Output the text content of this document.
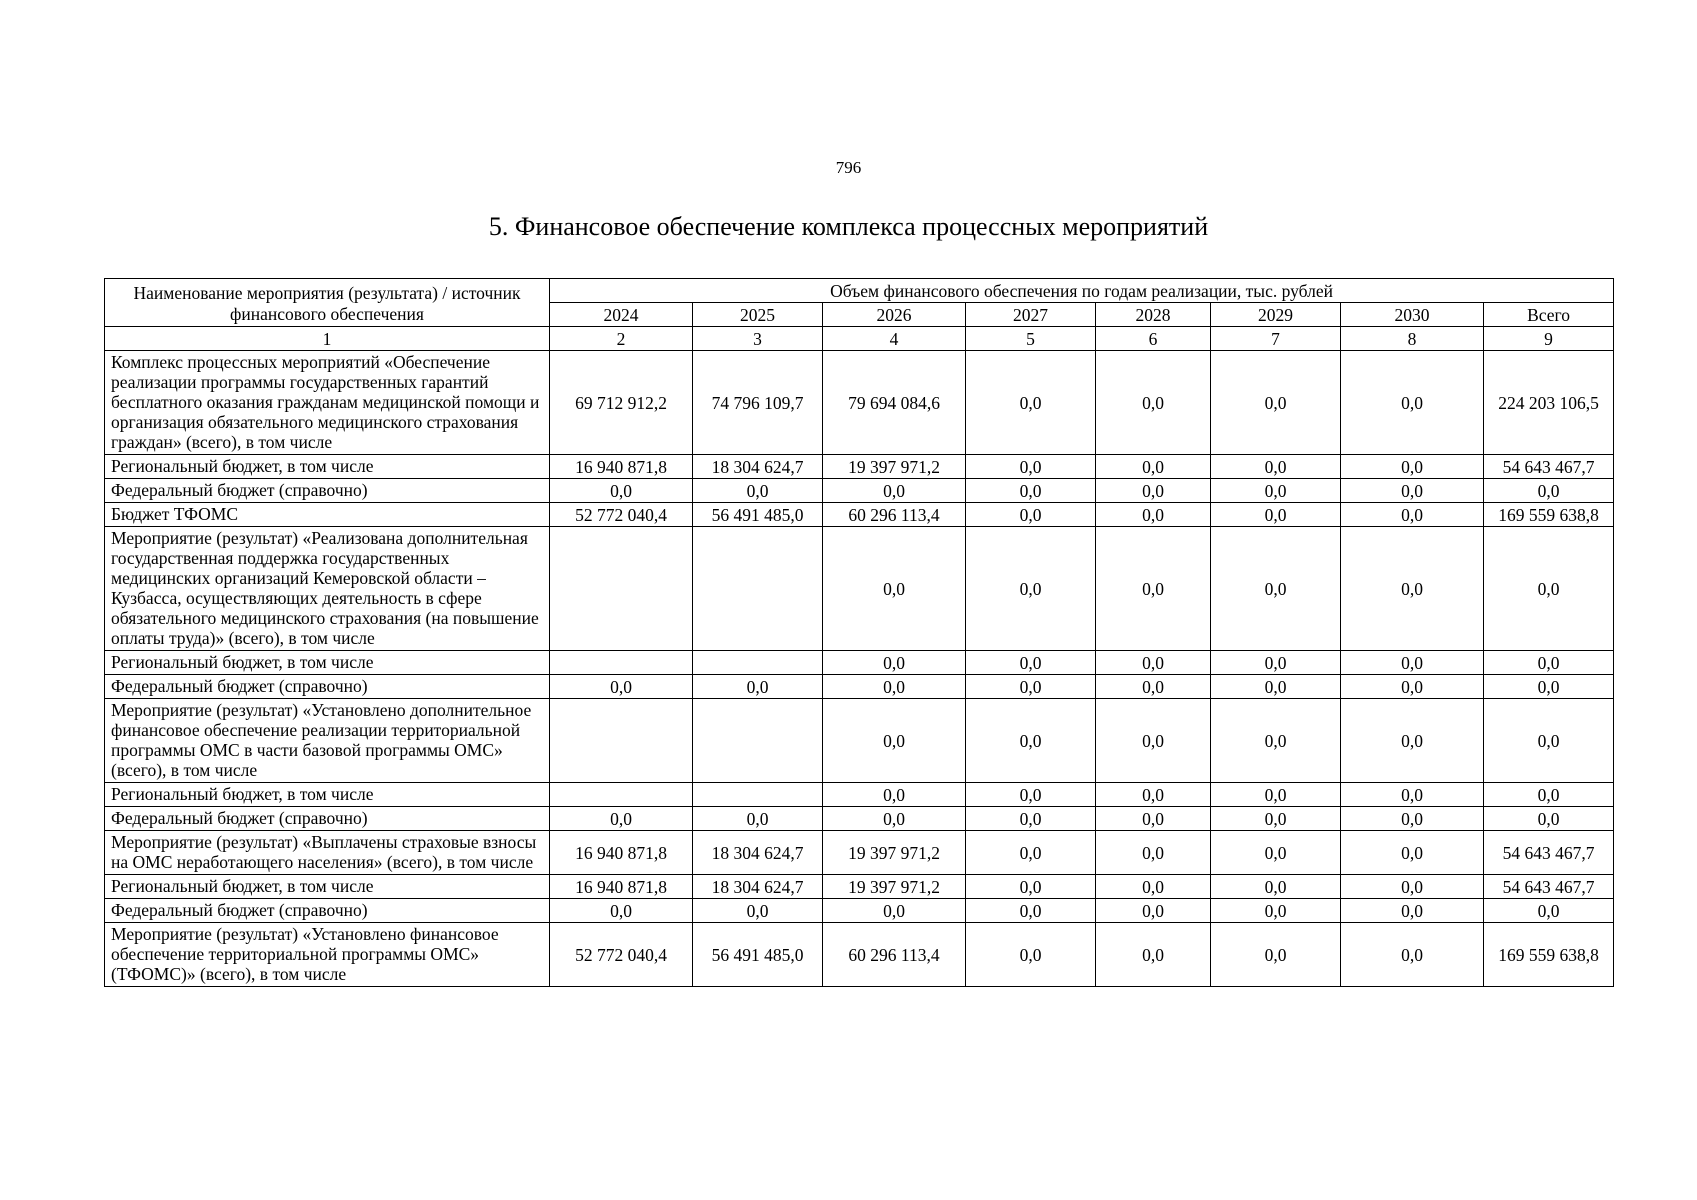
796
5. Финансовое обеспечение комплекса процессных мероприятий
Наименование мероприятия (результата) / источник финансового обеспечения	Объем финансового обеспечения по годам реализации, тыс. рублей							
	2024	2025	2026	2027	2028	2029	2030	Всего
1	2	3	4	5	6	7	8	9
Комплекс процессных мероприятий «Обеспечение реализации программы государственных гарантий бесплатного оказания гражданам медицинской помощи и организация обязательного медицинского страхования граждан» (всего), в том числе	69 712 912,2	74 796 109,7	79 694 084,6	0,0	0,0	0,0	0,0	224 203 106,5
Региональный бюджет, в том числе	16 940 871,8	18 304 624,7	19 397 971,2	0,0	0,0	0,0	0,0	54 643 467,7
Федеральный бюджет (справочно)	0,0	0,0	0,0	0,0	0,0	0,0	0,0	0,0
Бюджет ТФОМС	52 772 040,4	56 491 485,0	60 296 113,4	0,0	0,0	0,0	0,0	169 559 638,8
Мероприятие (результат) «Реализована дополнительная государственная поддержка государственных медицинских организаций Кемеровской области – Кузбасса, осуществляющих деятельность в сфере обязательного медицинского страхования (на повышение оплаты труда)» (всего), в том числе			0,0	0,0	0,0	0,0	0,0	0,0
Региональный бюджет, в том числе			0,0	0,0	0,0	0,0	0,0	0,0
Федеральный бюджет (справочно)	0,0	0,0	0,0	0,0	0,0	0,0	0,0	0,0
Мероприятие (результат) «Установлено дополнительное финансовое обеспечение реализации территориальной программы ОМС в части базовой программы ОМС» (всего), в том числе			0,0	0,0	0,0	0,0	0,0	0,0
Региональный бюджет, в том числе			0,0	0,0	0,0	0,0	0,0	0,0
Федеральный бюджет (справочно)	0,0	0,0	0,0	0,0	0,0	0,0	0,0	0,0
Мероприятие (результат) «Выплачены страховые взносы на ОМС неработающего населения» (всего), в том числе	16 940 871,8	18 304 624,7	19 397 971,2	0,0	0,0	0,0	0,0	54 643 467,7
Региональный бюджет, в том числе	16 940 871,8	18 304 624,7	19 397 971,2	0,0	0,0	0,0	0,0	54 643 467,7
Федеральный бюджет (справочно)	0,0	0,0	0,0	0,0	0,0	0,0	0,0	0,0
Мероприятие (результат) «Установлено финансовое обеспечение территориальной программы ОМС» (ТФОМС)» (всего), в том числе	52 772 040,4	56 491 485,0	60 296 113,4	0,0	0,0	0,0	0,0	169 559 638,8
